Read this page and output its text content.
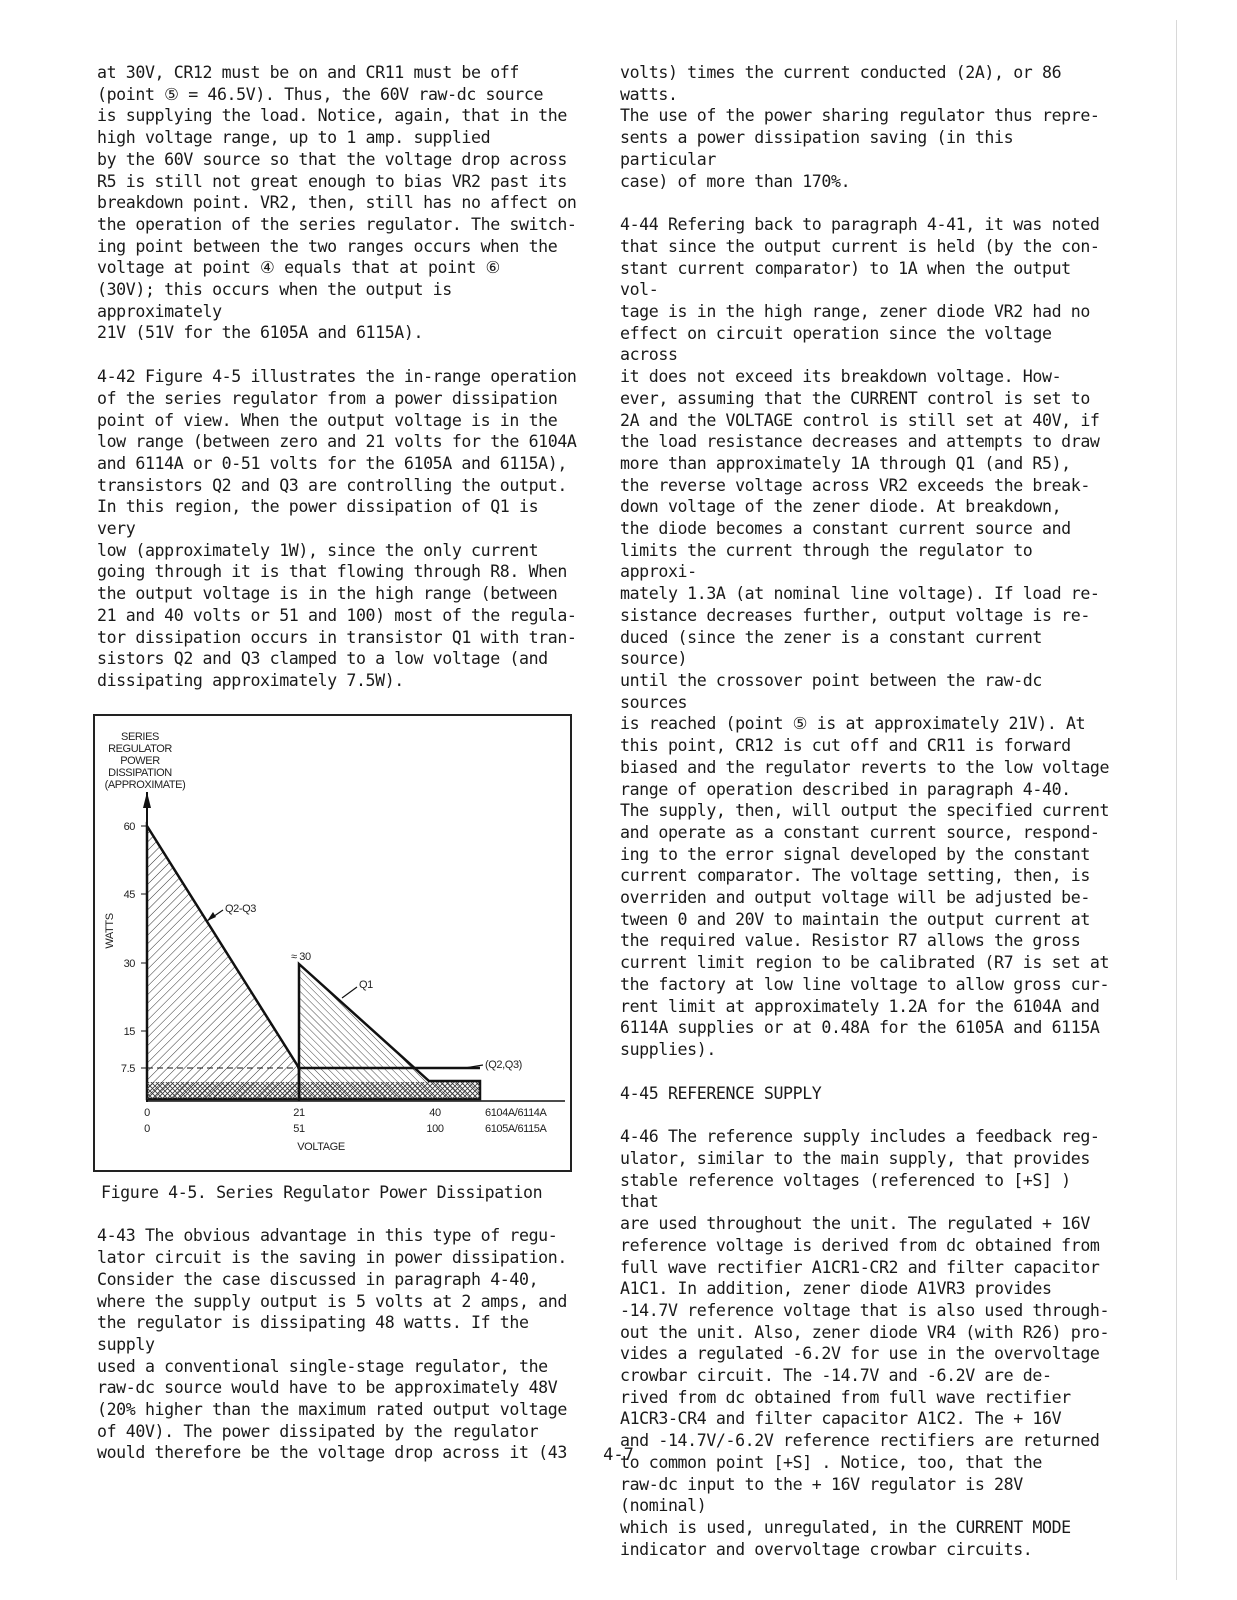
at 30V, CR12 must be on and CR11 must be off
(point ⑤ = 46.5V). Thus, the 60V raw-dc source
is supplying the load. Notice, again, that in the
high voltage range, up to 1 amp. supplied
by the 60V source so that the voltage drop across
R5 is still not great enough to bias VR2 past its
breakdown point. VR2, then, still has no affect on
the operation of the series regulator. The switch-
ing point between the two ranges occurs when the
voltage at point ④ equals that at point ⑥
(30V); this occurs when the output is approximately
21V (51V for the 6105A and 6115A).

4-42 Figure 4-5 illustrates the in-range operation
of the series regulator from a power dissipation
point of view. When the output voltage is in the
low range (between zero and 21 volts for the 6104A
and 6114A or 0-51 volts for the 6105A and 6115A),
transistors Q2 and Q3 are controlling the output.
In this region, the power dissipation of Q1 is very
low (approximately 1W), since the only current
going through it is that flowing through R8. When
the output voltage is in the high range (between
21 and 40 volts or 51 and 100) most of the regula-
tor dissipation occurs in transistor Q1 with tran-
sistors Q2 and Q3 clamped to a low voltage (and
dissipating approximately 7.5W).

SERIES
REGULATOR
POWER
DISSIPATION
(APPROXIMATE)
WATTS
60
45
30
15
7.5
Q2-Q3
≈ 30
Q1
(Q2,Q3)
0	21	40	6104A/6114A
0	51	100	6105A/6115A
VOLTAGE

Figure 4-5. Series Regulator Power Dissipation

4-43 The obvious advantage in this type of regu-
lator circuit is the saving in power dissipation.
Consider the case discussed in paragraph 4-40,
where the supply output is 5 volts at 2 amps, and
the regulator is dissipating 48 watts. If the supply
used a conventional single-stage regulator, the
raw-dc source would have to be approximately 48V
(20% higher than the maximum rated output voltage
of 40V). The power dissipated by the regulator
would therefore be the voltage drop across it (43

volts) times the current conducted (2A), or 86 watts.
The use of the power sharing regulator thus repre-
sents a power dissipation saving (in this particular
case) of more than 170%.

4-44 Refering back to paragraph 4-41, it was noted
that since the output current is held (by the con-
stant current comparator) to 1A when the output vol-
tage is in the high range, zener diode VR2 had no
effect on circuit operation since the voltage across
it does not exceed its breakdown voltage. How-
ever, assuming that the CURRENT control is set to
2A and the VOLTAGE control is still set at 40V, if
the load resistance decreases and attempts to draw
more than approximately 1A through Q1 (and R5),
the reverse voltage across VR2 exceeds the break-
down voltage of the zener diode. At breakdown,
the diode becomes a constant current source and
limits the current through the regulator to approxi-
mately 1.3A (at nominal line voltage). If load re-
sistance decreases further, output voltage is re-
duced (since the zener is a constant current source)
until the crossover point between the raw-dc sources
is reached (point ⑤ is at approximately 21V). At
this point, CR12 is cut off and CR11 is forward
biased and the regulator reverts to the low voltage
range of operation described in paragraph 4-40.
The supply, then, will output the specified current
and operate as a constant current source, respond-
ing to the error signal developed by the constant
current comparator. The voltage setting, then, is
overriden and output voltage will be adjusted be-
tween 0 and 20V to maintain the output current at
the required value. Resistor R7 allows the gross
current limit region to be calibrated (R7 is set at
the factory at low line voltage to allow gross cur-
rent limit at approximately 1.2A for the 6104A and
6114A supplies or at 0.48A for the 6105A and 6115A
supplies).

4-45 REFERENCE SUPPLY

4-46 The reference supply includes a feedback reg-
ulator, similar to the main supply, that provides
stable reference voltages (referenced to [+S] ) that
are used throughout the unit. The regulated + 16V
reference voltage is derived from dc obtained from
full wave rectifier A1CR1-CR2 and filter capacitor
A1C1. In addition, zener diode A1VR3 provides
-14.7V reference voltage that is also used through-
out the unit. Also, zener diode VR4 (with R26) pro-
vides a regulated -6.2V for use in the overvoltage
crowbar circuit. The -14.7V and -6.2V are de-
rived from dc obtained from full wave rectifier
A1CR3-CR4 and filter capacitor A1C2. The + 16V
and -14.7V/-6.2V reference rectifiers are returned
to common point [+S] . Notice, too, that the
raw-dc input to the + 16V regulator is 28V (nominal)
which is used, unregulated, in the CURRENT MODE
indicator and overvoltage crowbar circuits.

4-7
